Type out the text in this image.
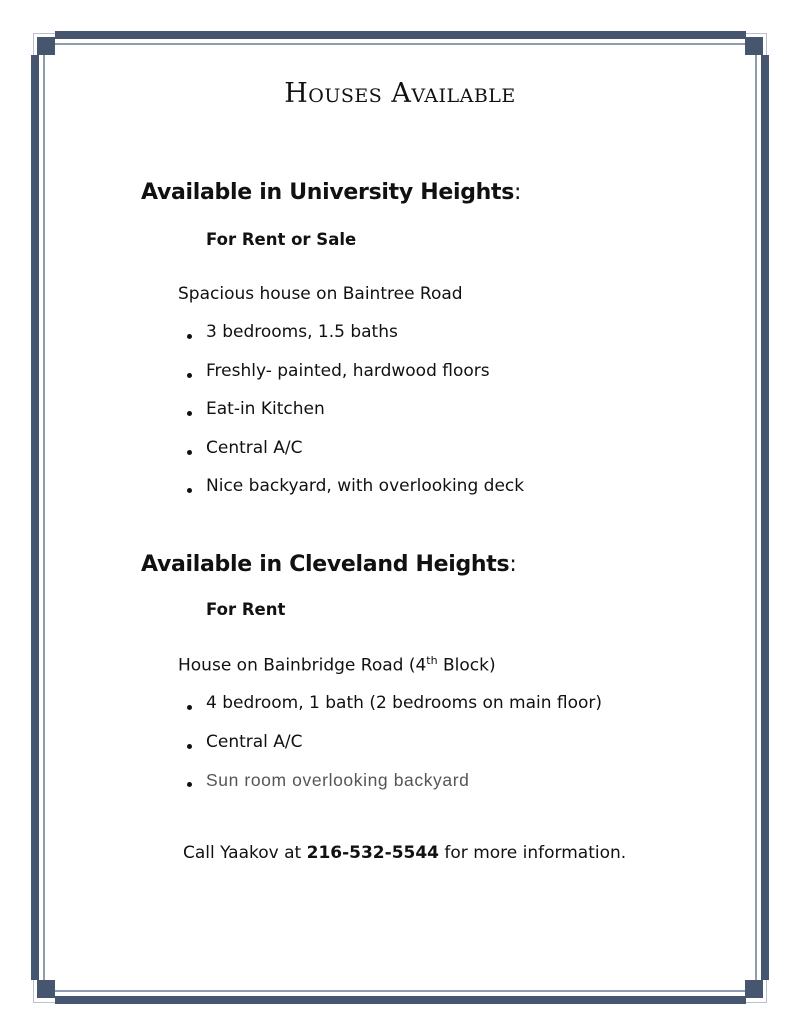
Houses Available
Available in University Heights:
For Rent or Sale
Spacious house on Baintree Road
3 bedrooms, 1.5 baths
Freshly- painted, hardwood floors
Eat-in Kitchen
Central A/C
Nice backyard, with overlooking deck
Available in Cleveland Heights:
For Rent
House on Bainbridge Road (4th Block)
4 bedroom, 1 bath (2 bedrooms on main floor)
Central A/C
Sun room overlooking backyard
Call Yaakov at 216-532-5544 for more information.
